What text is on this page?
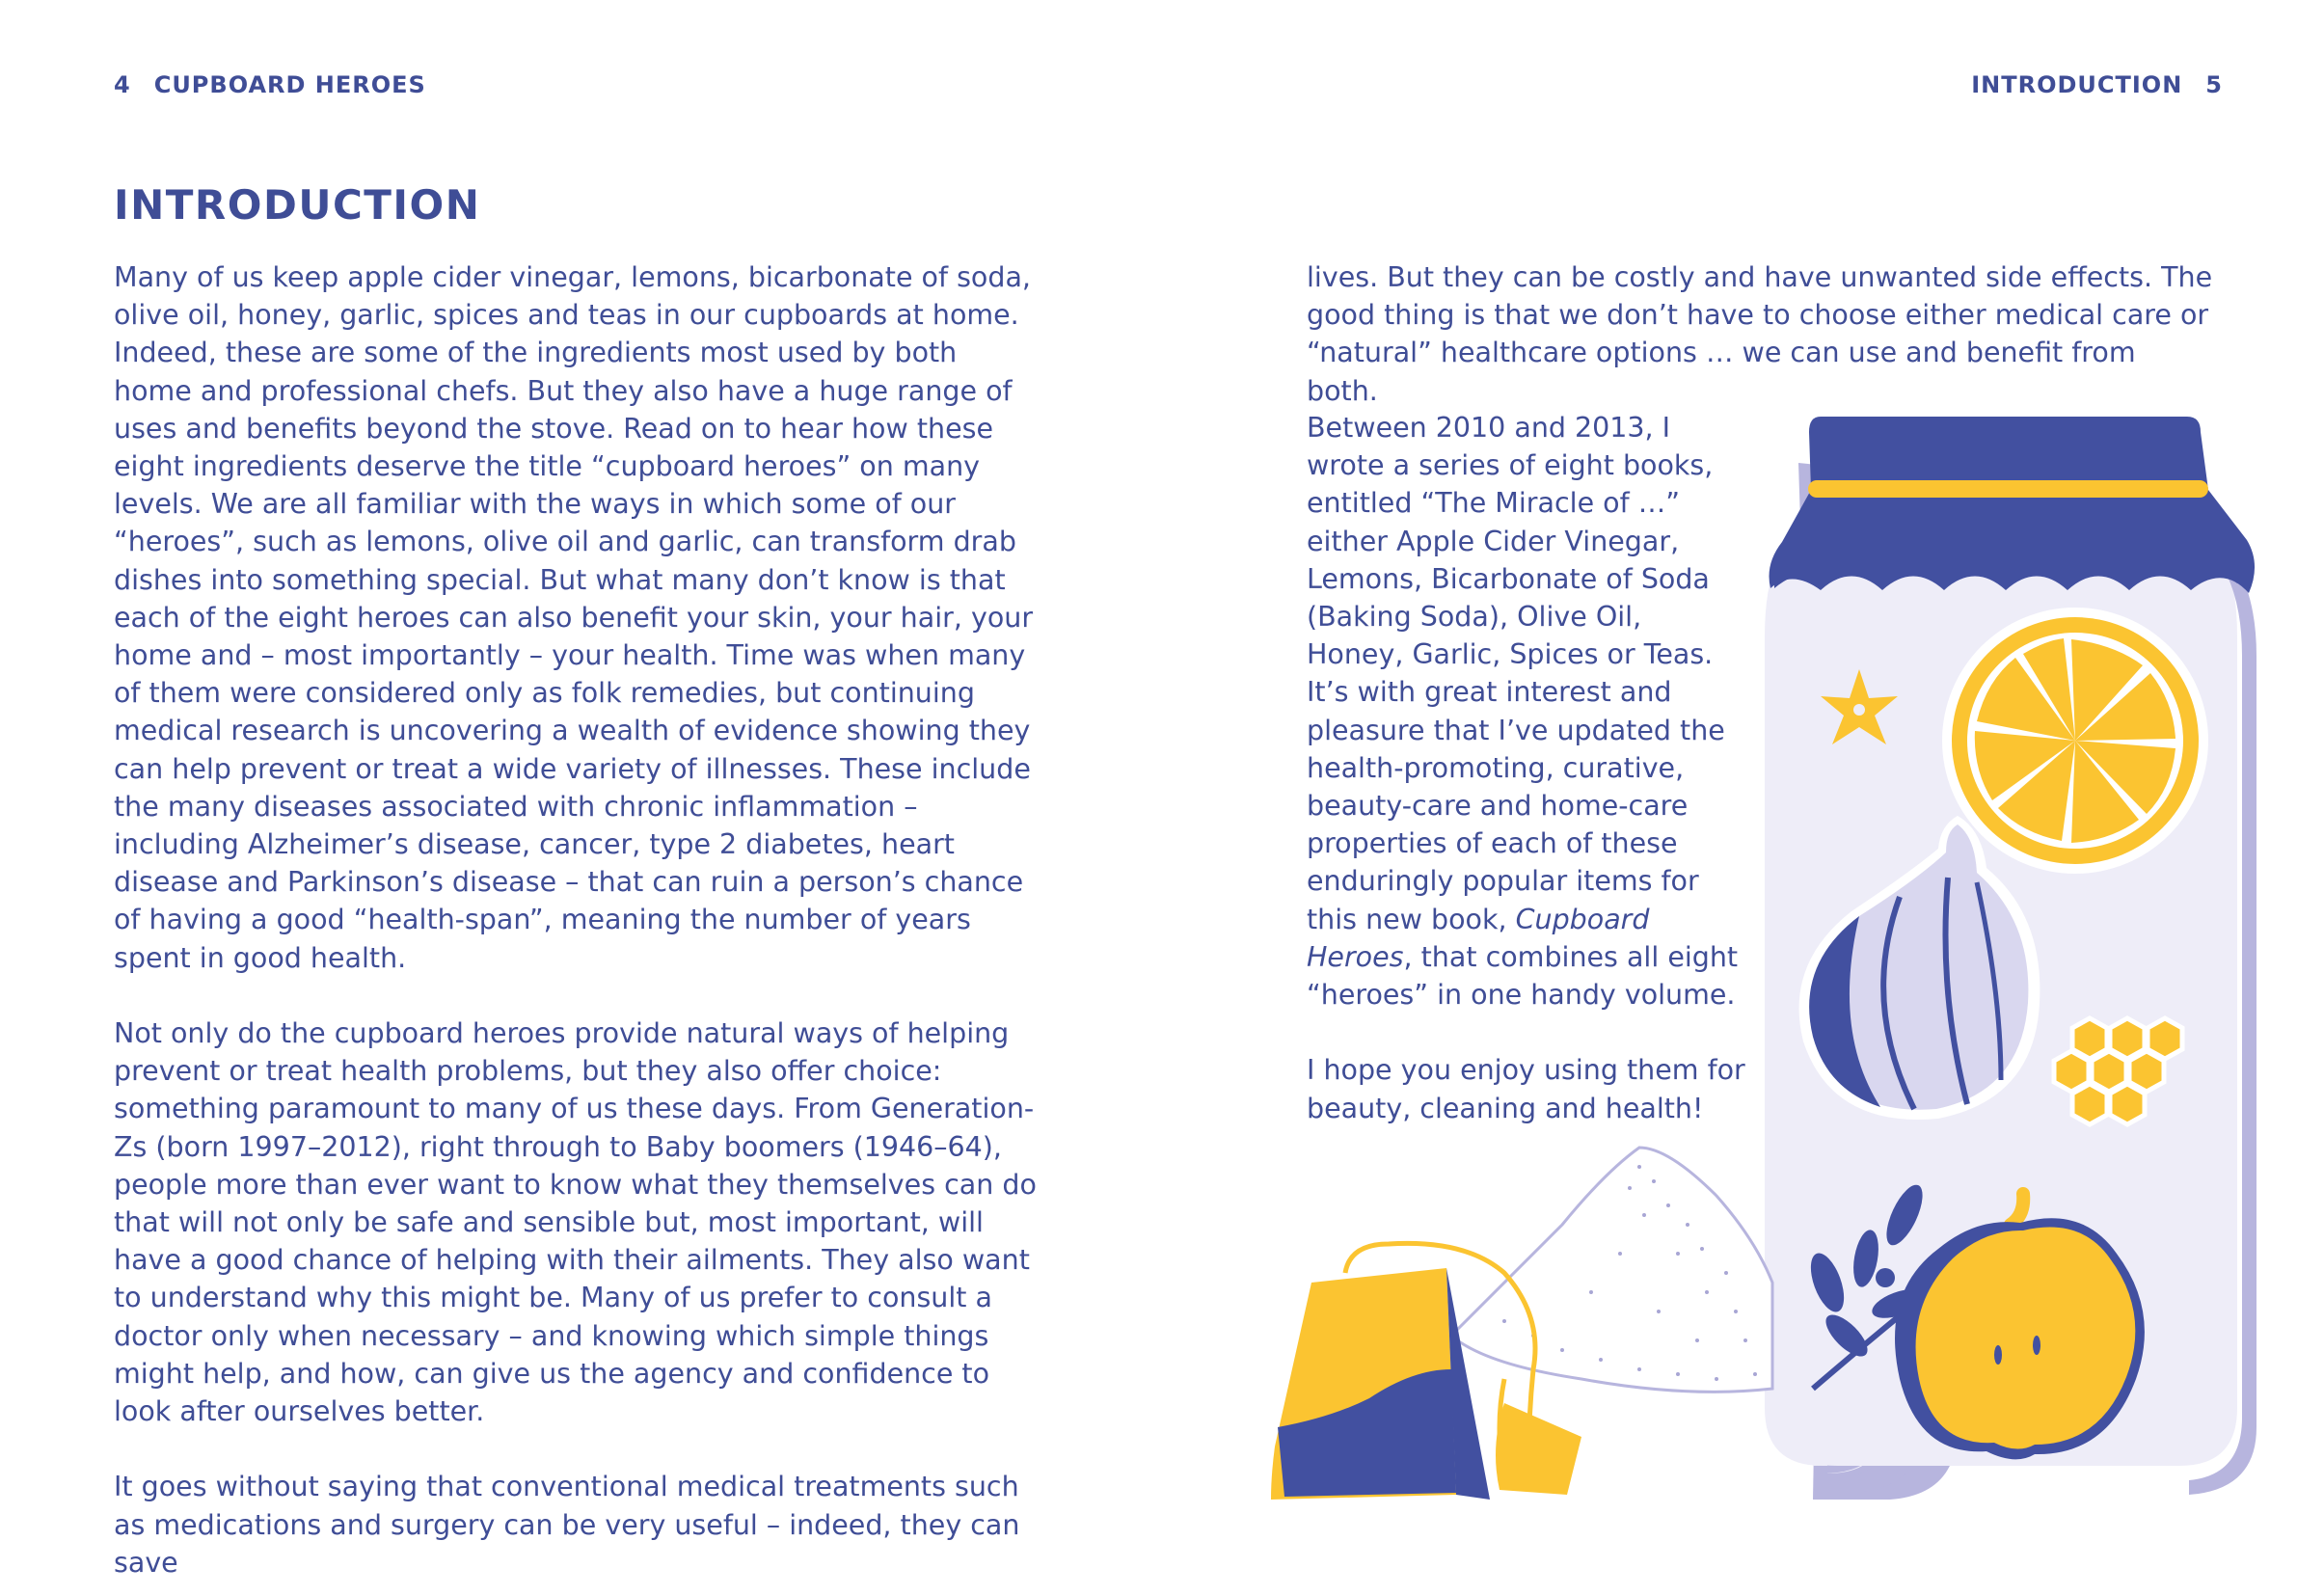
4 CUPBOARD HEROES	INTRODUCTION 5
INTRODUCTION

Many of us keep apple cider vinegar, lemons, bicarbonate of soda, olive oil, honey, garlic, spices and teas in our cupboards at home. Indeed, these are some of the ingredients most used by both home and professional chefs. But they also have a huge range of uses and benefits beyond the stove. Read on to hear how these eight ingredients deserve the title “cupboard heroes” on many levels. We are all familiar with the ways in which some of our “heroes”, such as lemons, olive oil and garlic, can transform drab dishes into something special. But what many don’t know is that each of the eight heroes can also benefit your skin, your hair, your home and – most importantly – your health. Time was when many of them were considered only as folk remedies, but continuing medical research is uncovering a wealth of evidence showing they can help prevent or treat a wide variety of illnesses. These include the many diseases associated with chronic inflammation – including Alzheimer’s disease, cancer, type 2 diabetes, heart disease and Parkinson’s disease – that can ruin a person’s chance of having a good “health-span”, meaning the number of years spent in good health.

Not only do the cupboard heroes provide natural ways of helping prevent or treat health problems, but they also offer choice: something paramount to many of us these days. From Generation-Zs (born 1997–2012), right through to Baby boomers (1946–64), people more than ever want to know what they themselves can do that will not only be safe and sensible but, most important, will have a good chance of helping with their ailments. They also want to understand why this might be. Many of us prefer to consult a doctor only when necessary – and knowing which simple things might help, and how, can give us the agency and confidence to look after ourselves better.

It goes without saying that conventional medical treatments such as medications and surgery can be very useful – indeed, they can save

lives. But they can be costly and have unwanted side effects. The good thing is that we don’t have to choose either medical care or “natural” healthcare options … we can use and benefit from both.

Between 2010 and 2013, I wrote a series of eight books, entitled “The Miracle of …” either Apple Cider Vinegar, Lemons, Bicarbonate of Soda (Baking Soda), Olive Oil, Honey, Garlic, Spices or Teas. It’s with great interest and pleasure that I’ve updated the health-promoting, curative, beauty-care and home-care properties of each of these enduringly popular items for this new book, Cupboard Heroes, that combines all eight “heroes” in one handy volume.

I hope you enjoy using them for beauty, cleaning and health!
